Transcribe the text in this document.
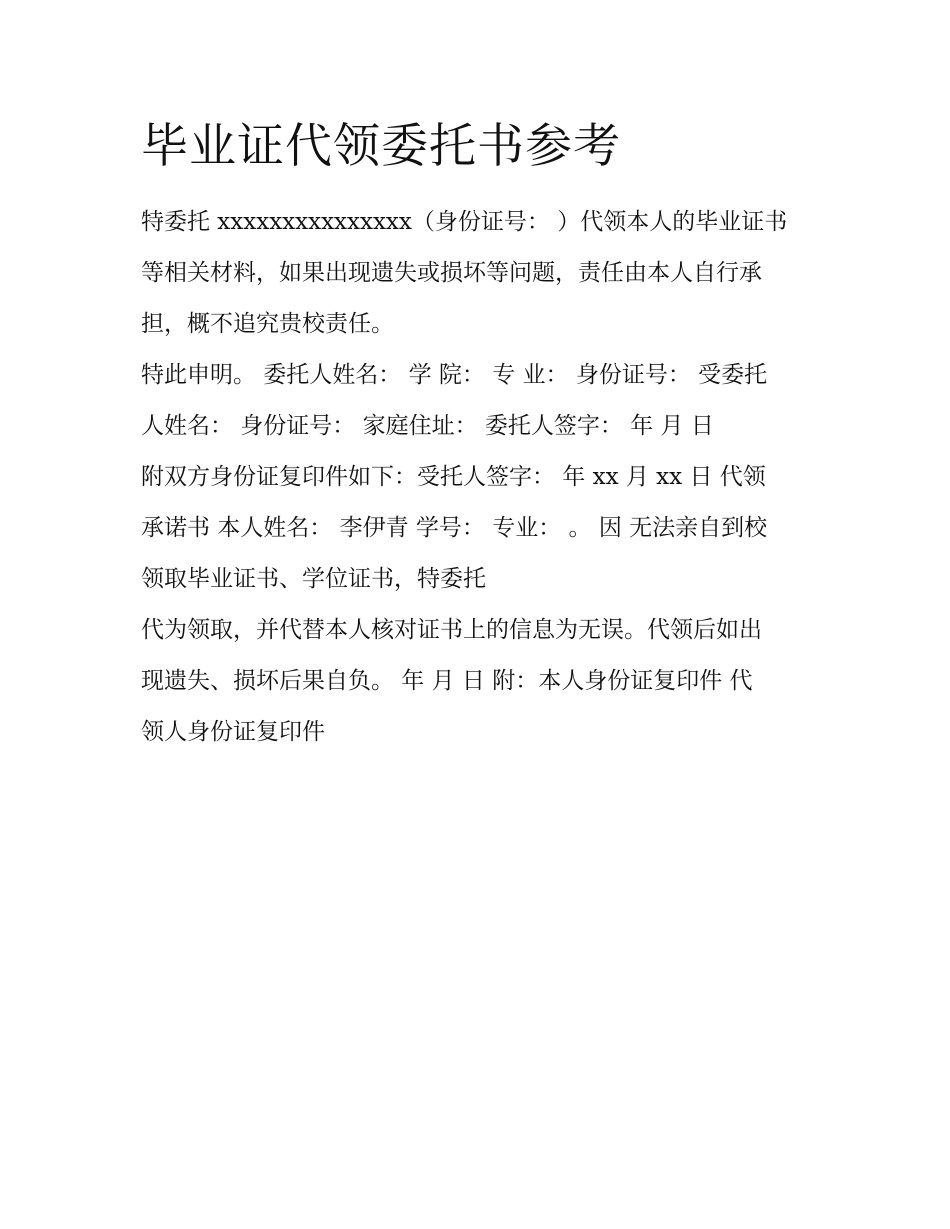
毕业证代领委托书参考
特委托 xxxxxxxxxxxxxxx（身份证号： ）代领本人的毕业证书
等相关材料，如果出现遗失或损坏等问题，责任由本人自行承
担，概不追究贵校责任。
特此申明。 委托人姓名： 学 院： 专 业： 身份证号： 受委托
人姓名： 身份证号： 家庭住址： 委托人签字： 年 月 日
附双方身份证复印件如下：受托人签字： 年 xx 月 xx 日 代领
承诺书 本人姓名： 李伊青 学号： 专业： 。 因 无法亲自到校
领取毕业证书、学位证书，特委托
代为领取，并代替本人核对证书上的信息为无误。代领后如出
现遗失、损坏后果自负。 年 月 日 附：本人身份证复印件 代
领人身份证复印件
